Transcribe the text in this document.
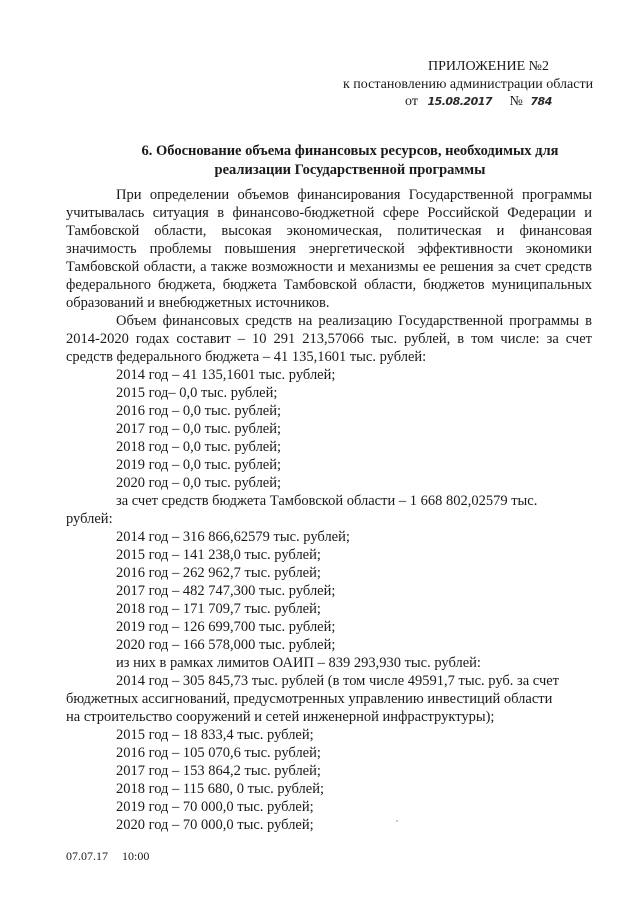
ПРИЛОЖЕНИЕ №2
к постановлению администрации области
от 15.08.2017 № 784
6. Обоснование объема финансовых ресурсов, необходимых для
реализации Государственной программы
При определении объемов финансирования Государственной программы учитывалась ситуация в финансово-бюджетной сфере Российской Федерации и Тамбовской области, высокая экономическая, политическая и финансовая значимость проблемы повышения энергетической эффективности экономики Тамбовской области, а также возможности и механизмы ее решения за счет средств федерального бюджета, бюджета Тамбовской области, бюджетов муниципальных образований и внебюджетных источников.
Объем финансовых средств на реализацию Государственной программы в 2014-2020 годах составит – 10 291 213,57066 тыс. рублей, в том числе: за счет средств федерального бюджета – 41 135,1601 тыс. рублей:
2014 год – 41 135,1601 тыс. рублей;
2015 год– 0,0 тыс. рублей;
2016 год – 0,0 тыс. рублей;
2017 год – 0,0 тыс. рублей;
2018 год – 0,0 тыс. рублей;
2019 год – 0,0 тыс. рублей;
2020 год – 0,0 тыс. рублей;
за счет средств бюджета Тамбовской области – 1 668 802,02579 тыс.
рублей:
2014 год – 316 866,62579 тыс. рублей;
2015 год – 141 238,0 тыс. рублей;
2016 год – 262 962,7 тыс. рублей;
2017 год – 482 747,300 тыс. рублей;
2018 год – 171 709,7 тыс. рублей;
2019 год – 126 699,700 тыс. рублей;
2020 год – 166 578,000 тыс. рублей;
из них в рамках лимитов ОАИП – 839 293,930 тыс. рублей:
2014 год – 305 845,73 тыс. рублей (в том числе 49591,7 тыс. руб. за счет
бюджетных ассигнований, предусмотренных управлению инвестиций области
на строительство сооружений и сетей инженерной инфраструктуры);
2015 год – 18 833,4 тыс. рублей;
2016 год – 105 070,6 тыс. рублей;
2017 год – 153 864,2 тыс. рублей;
2018 год – 115 680, 0 тыс. рублей;
2019 год – 70 000,0 тыс. рублей;
2020 год – 70 000,0 тыс. рублей;
07.07.17 10:00
